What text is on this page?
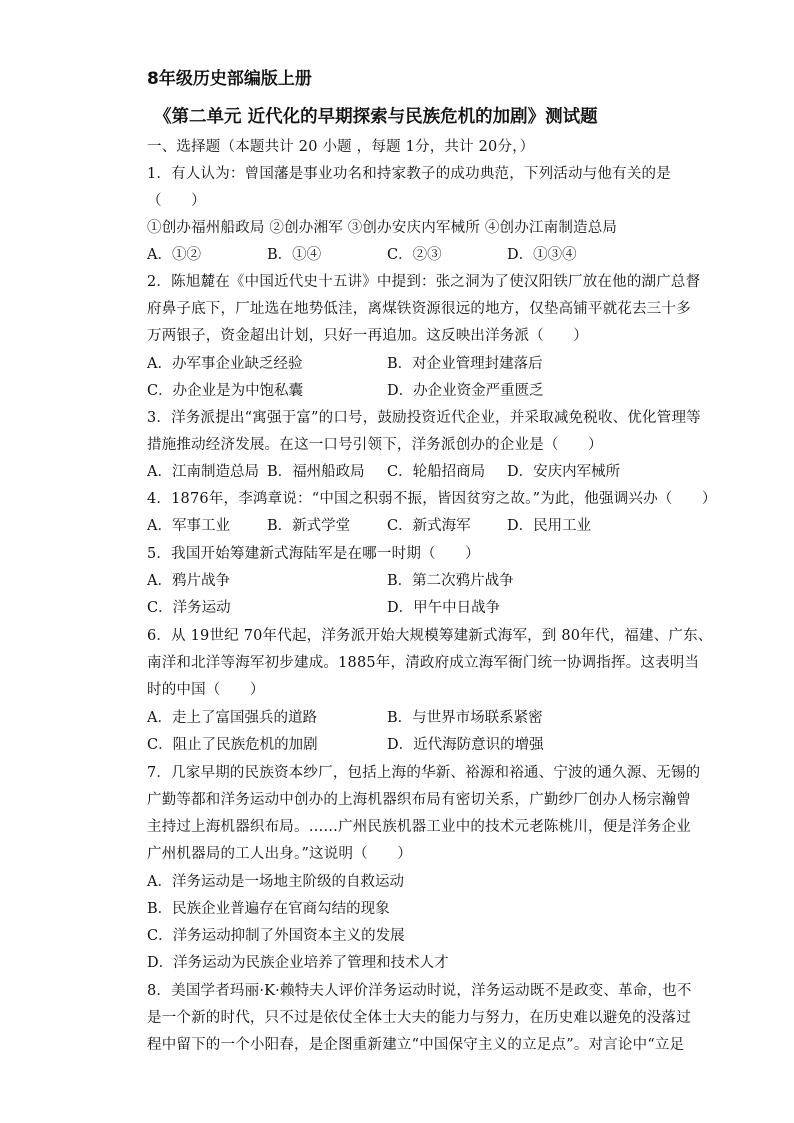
8年级历史部编版上册
《第二单元 近代化的早期探索与民族危机的加剧》测试题
一、选择题（本题共计 20 小题 ，每题 1分，共计 20分，）
1．有人认为：曾国藩是事业功名和持家教子的成功典范，下列活动与他有关的是
（　　）
①创办福州船政局 ②创办湘军 ③创办安庆内军械所 ④创办江南制造总局
A．①②	B．①④	C．②③	D．①③④
2．陈旭麓在《中国近代史十五讲》中提到：张之洞为了使汉阳铁厂放在他的湖广总督
府鼻子底下，厂址选在地势低洼，离煤铁资源很远的地方，仅垫高铺平就花去三十多
万两银子，资金超出计划，只好一再追加。这反映出洋务派（　　）
A．办军事企业缺乏经验	B．对企业管理封建落后
C．办企业是为中饱私囊	D．办企业资金严重匮乏
3．洋务派提出“寓强于富”的口号，鼓励投资近代企业，并采取减免税收、优化管理等
措施推动经济发展。在这一口号引领下，洋务派创办的企业是（　　）
A．江南制造总局 B．福州船政局 C．轮船招商局 D．安庆内军械所
4．1876年，李鸿章说：“中国之积弱不振，皆因贫穷之故。”为此，他强调兴办（　　）
A．军事工业	B．新式学堂	C．新式海军	D．民用工业
5．我国开始筹建新式海陆军是在哪一时期（　　）
A．鸦片战争	B．第二次鸦片战争
C．洋务运动	D．甲午中日战争
6．从 19世纪 70年代起，洋务派开始大规模筹建新式海军，到 80年代，福建、广东、
南洋和北洋等海军初步建成。1885年，清政府成立海军衙门统一协调指挥。这表明当
时的中国（　　）
A．走上了富国强兵的道路	B．与世界市场联系紧密
C．阻止了民族危机的加剧	D．近代海防意识的增强
7．几家早期的民族资本纱厂，包括上海的华新、裕源和裕通、宁波的通久源、无锡的
广勤等都和洋务运动中创办的上海机器织布局有密切关系，广勤纱厂创办人杨宗瀚曾
主持过上海机器织布局。……广州民族机器工业中的技术元老陈桃川，便是洋务企业
广州机器局的工人出身。”这说明（　　）
A．洋务运动是一场地主阶级的自救运动
B．民族企业普遍存在官商勾结的现象
C．洋务运动抑制了外国资本主义的发展
D．洋务运动为民族企业培养了管理和技术人才
8．美国学者玛丽·K·赖特夫人评价洋务运动时说，洋务运动既不是政变、革命，也不
是一个新的时代，只不过是依仗全体士大夫的能力与努力，在历史难以避免的没落过
程中留下的一个小阳春，是企图重新建立“中国保守主义的立足点”。对言论中“立足
